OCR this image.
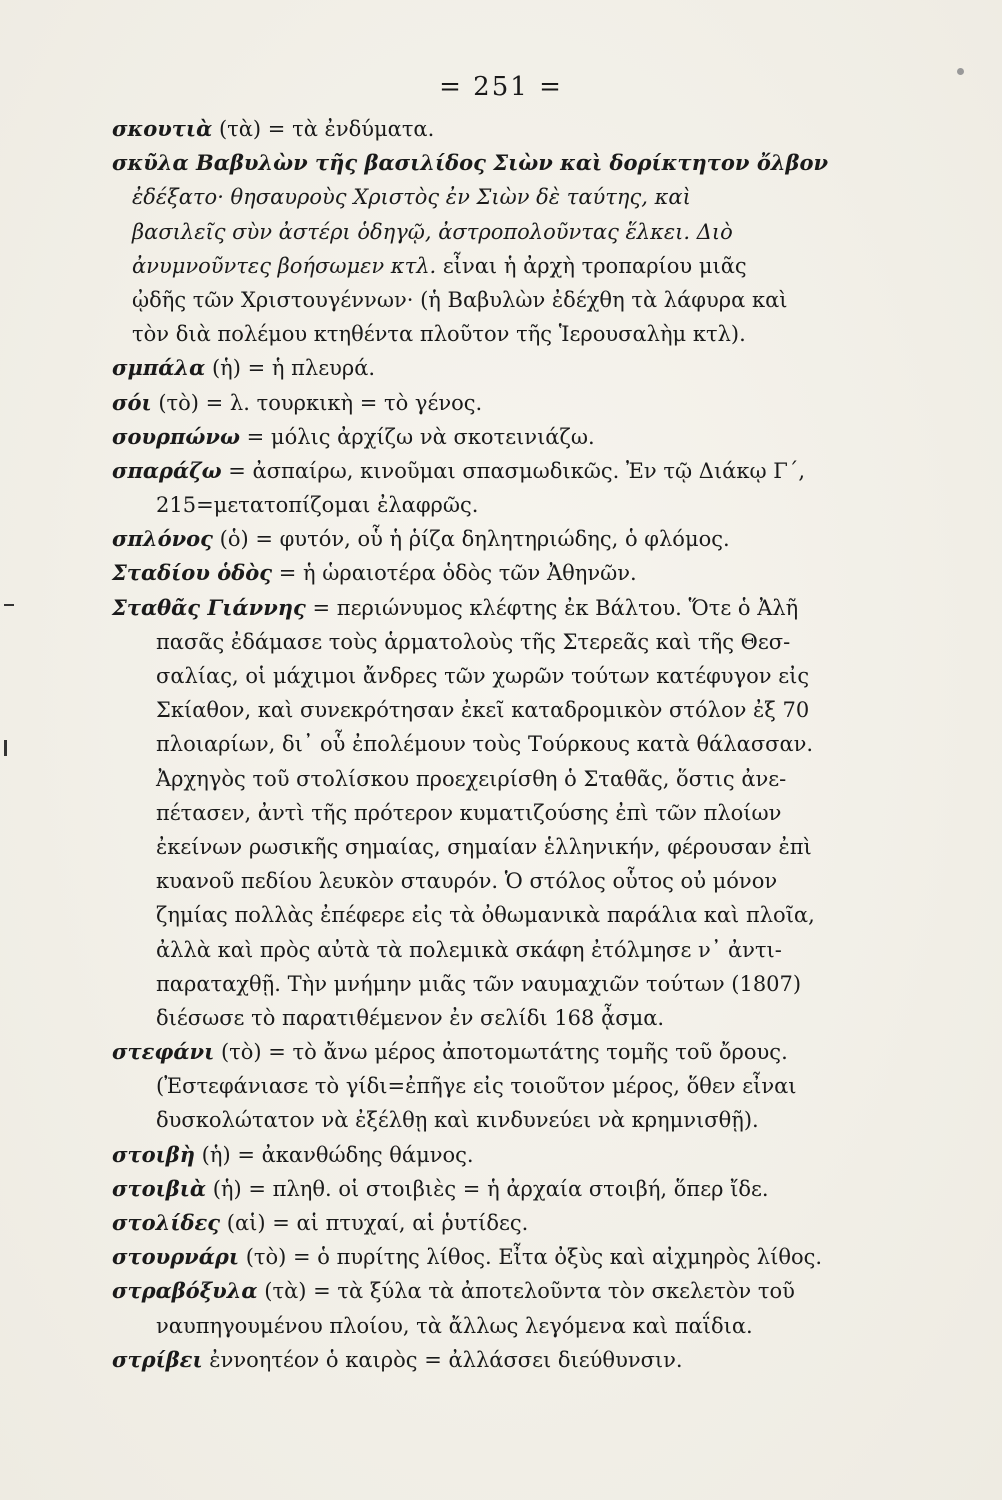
= 251 =
σκουτιὰ (τὰ) = τὰ ἐνδύματα.
σκῦλα Βαβυλὼν τῆς βασιλίδος Σιὼν καὶ δορίκτητον ὄλβον
ἐδέξατο· θησαυροὺς Χριστὸς ἐν Σιὼν δὲ ταύτης, καὶ
βασιλεῖς σὺν ἀστέρι ὁδηγῷ, ἀστροπολοῦντας ἕλκει. Διὸ
ἀνυμνοῦντες βοήσωμεν κτλ. εἶναι ἡ ἀρχὴ τροπαρίου μιᾶς
ᾠδῆς τῶν Χριστουγέννων· (ἡ Βαβυλὼν ἐδέχθη τὰ λάφυρα καὶ
τὸν διὰ πολέμου κτηθέντα πλοῦτον τῆς Ἱερουσαλὴμ κτλ).
σμπάλα (ἡ) = ἡ πλευρά.
σόι (τὸ) = λ. τουρκικὴ = τὸ γένος.
σουρπώνω = μόλις ἀρχίζω νὰ σκοτεινιάζω.
σπαράζω = ἀσπαίρω, κινοῦμαι σπασμωδικῶς. Ἐν τῷ Διάκῳ Γ΄,
215=μετατοπίζομαι ἐλαφρῶς.
σπλόνος (ὁ) = φυτόν, οὗ ἡ ῥίζα δηλητηριώδης, ὁ φλόμος.
Σταδίου ὁδὸς = ἡ ὡραιοτέρα ὁδὸς τῶν Ἀθηνῶν.
Σταθᾶς Γιάννης = περιώνυμος κλέφτης ἐκ Βάλτου. Ὅτε ὁ Ἀλῆ
πασᾶς ἐδάμασε τοὺς ἁρματολοὺς τῆς Στερεᾶς καὶ τῆς Θεσ-
σαλίας, οἱ μάχιμοι ἄνδρες τῶν χωρῶν τούτων κατέφυγον εἰς
Σκίαθον, καὶ συνεκρότησαν ἐκεῖ καταδρομικὸν στόλον ἐξ 70
πλοιαρίων, δι᾽ οὗ ἐπολέμουν τοὺς Τούρκους κατὰ θάλασσαν.
Ἀρχηγὸς τοῦ στολίσκου προεχειρίσθη ὁ Σταθᾶς, ὅστις ἀνε-
πέτασεν, ἀντὶ τῆς πρότερον κυματιζούσης ἐπὶ τῶν πλοίων
ἐκείνων ρωσικῆς σημαίας, σημαίαν ἑλληνικήν, φέρουσαν ἐπὶ
κυανοῦ πεδίου λευκὸν σταυρόν. Ὁ στόλος οὗτος οὐ μόνον
ζημίας πολλὰς ἐπέφερε εἰς τὰ ὀθωμανικὰ παράλια καὶ πλοῖα,
ἀλλὰ καὶ πρὸς αὐτὰ τὰ πολεμικὰ σκάφη ἐτόλμησε ν᾽ ἀντι-
παραταχθῇ. Τὴν μνήμην μιᾶς τῶν ναυμαχιῶν τούτων (1807)
διέσωσε τὸ παρατιθέμενον ἐν σελίδι 168 ᾆσμα.
στεφάνι (τὸ) = τὸ ἄνω μέρος ἀποτομωτάτης τομῆς τοῦ ὄρους.
(Ἐστεφάνιασε τὸ γίδι=ἐπῆγε εἰς τοιοῦτον μέρος, ὅθεν εἶναι
δυσκολώτατον νὰ ἐξέλθῃ καὶ κινδυνεύει νὰ κρημνισθῇ).
στοιβὴ (ἡ) = ἀκανθώδης θάμνος.
στοιβιὰ (ἡ) = πληθ. οἱ στοιβιὲς = ἡ ἀρχαία στοιβή, ὅπερ ἴδε.
στολίδες (αἱ) = αἱ πτυχαί, αἱ ῥυτίδες.
στουρνάρι (τὸ) = ὁ πυρίτης λίθος. Εἶτα ὀξὺς καὶ αἰχμηρὸς λίθος.
στραβόξυλα (τὰ) = τὰ ξύλα τὰ ἀποτελοῦντα τὸν σκελετὸν τοῦ
ναυπηγουμένου πλοίου, τὰ ἄλλως λεγόμενα καὶ παΐδια.
στρίβει ἐννοητέον ὁ καιρὸς = ἀλλάσσει διεύθυνσιν.
